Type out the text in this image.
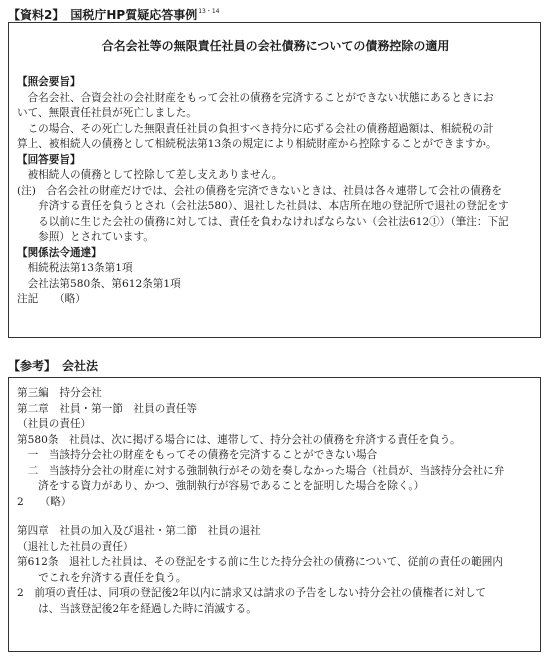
【資料2】 国税庁HP質疑応答事例$^{13・14}$
合名会社等の無限責任社員の会社債務についての債務控除の適用
【照会要旨】
　合名会社、合資会社の会社財産をもって会社の債務を完済することができない状態にあるときにお
いて、無限責任社員が死亡しました。
　この場合、その死亡した無限責任社員の負担すべき持分に応ずる会社の債務超過額は、相続税の計
算上、被相続人の債務として相続税法第13条の規定により相続財産から控除することができますか。
【回答要旨】
　被相続人の債務として控除して差し支えありません。
(注)　合名会社の財産だけでは、会社の債務を完済できないときは、社員は各々連帯して会社の債務を
　　弁済する責任を負うとされ（会社法580）、退社した社員は、本店所在地の登記所で退社の登記をす
　　る以前に生じた会社の債務に対しては、責任を負わなければならない（会社法612①）（筆注：下記
　　参照）とされています。
【関係法令通達】
　相続税法第13条第1項
　会社法第580条、第612条第1項
注記　　（略）
【参考】 会社法
第三編　持分会社
第二章　社員・第一節　社員の責任等
（社員の責任）
第580条　社員は、次に掲げる場合には、連帯して、持分会社の債務を弁済する責任を負う。
　一　当該持分会社の財産をもってその債務を完済することができない場合
　二　当該持分会社の財産に対する強制執行がその効を奏しなかった場合（社員が、当該持分会社に弁
　　済をする資力があり、かつ、強制執行が容易であることを証明した場合を除く。）
2　　（略）
第四章　社員の加入及び退社・第二節　社員の退社
（退社した社員の責任）
第612条　退社した社員は、その登記をする前に生じた持分会社の債務について、従前の責任の範囲内
　　でこれを弁済する責任を負う。
2　前項の責任は、同項の登記後2年以内に請求又は請求の予告をしない持分会社の債権者に対して
　　は、当該登記後2年を経過した時に消滅する。
